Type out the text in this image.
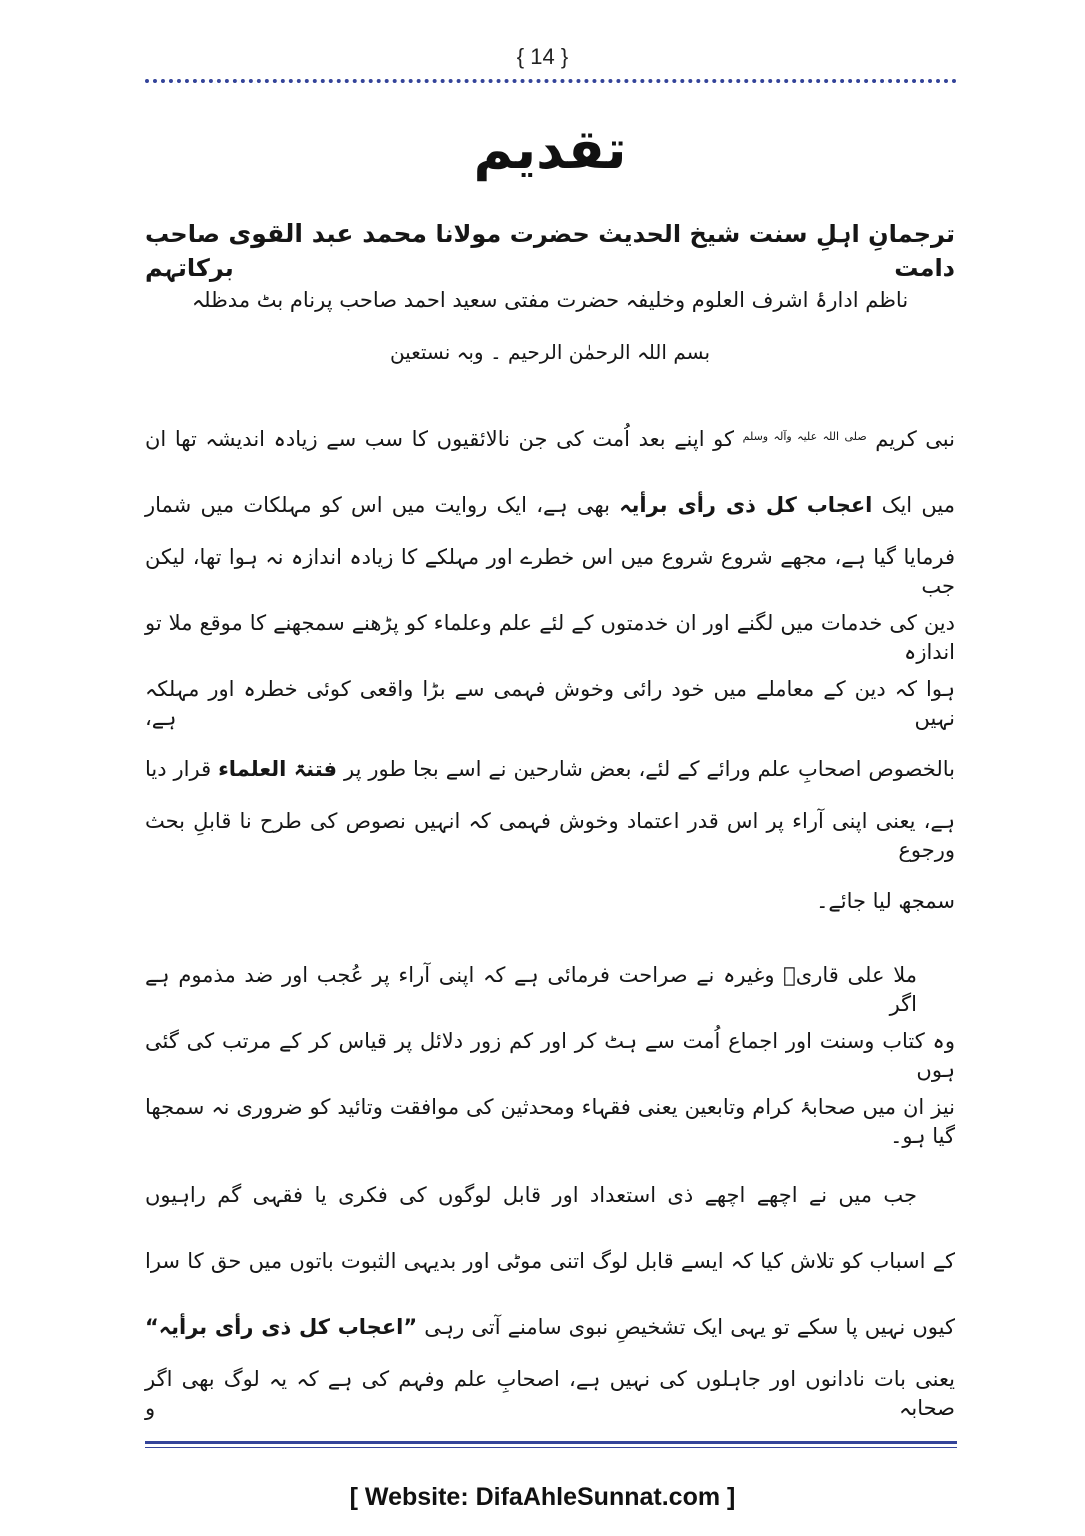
{ 14 }
تقدیم
ترجمانِ اہلِ سنت شیخ الحدیث حضرت مولانا محمد عبد القوی صاحب دامت برکاتہم
ناظم ادارۂ اشرف العلوم وخلیفہ حضرت مفتی سعید احمد صاحب پرنام بٹ مدظلہ
بسم اللہ الرحمٰن الرحیم ۔ وبہ نستعین
نبی کریم $^{صلی اللہ علیہ وآلہ وسلم}$ کو اپنے بعد اُمت کی جن نالائقیوں کا سب سے زیادہ اندیشہ تھا ان
میں ایک اعجاب کل ذی رأی برأیہ بھی ہے، ایک روایت میں اس کو مہلکات میں شمار
فرمایا گیا ہے، مجھے شروع شروع میں اس خطرے اور مہلکے کا زیادہ اندازہ نہ ہوا تھا، لیکن جب
دین کی خدمات میں لگنے اور ان خدمتوں کے لئے علم وعلماء کو پڑھنے سمجھنے کا موقع ملا تو اندازہ
ہوا کہ دین کے معاملے میں خود رائی وخوش فہمی سے بڑا واقعی کوئی خطرہ اور مہلکہ نہیں ہے،
بالخصوص اصحابِ علم ورائے کے لئے، بعض شارحین نے اسے بجا طور پر فتنۃ العلماء قرار دیا
ہے، یعنی اپنی آراء پر اس قدر اعتماد وخوش فہمی کہ انہیں نصوص کی طرح نا قابلِ بحث ورجوع
سمجھ لیا جائے۔
ملا علی قاریؒ وغیرہ نے صراحت فرمائی ہے کہ اپنی آراء پر عُجب اور ضد مذموم ہے اگر
وہ کتاب وسنت اور اجماع اُمت سے ہٹ کر اور کم زور دلائل پر قیاس کر کے مرتب کی گئی ہوں
نیز ان میں صحابۂ کرام وتابعین یعنی فقہاء ومحدثین کی موافقت وتائید کو ضروری نہ سمجھا گیا ہو۔
جب میں نے اچھے اچھے ذی استعداد اور قابل لوگوں کی فکری یا فقہی گم راہیوں
کے اسباب کو تلاش کیا کہ ایسے قابل لوگ اتنی موٹی اور بدیہی الثبوت باتوں میں حق کا سرا
کیوں نہیں پا سکے تو یہی ایک تشخیصِ نبوی سامنے آتی رہی ”اعجاب کل ذی رأی برأیہ“
یعنی بات نادانوں اور جاہلوں کی نہیں ہے، اصحابِ علم وفہم کی ہے کہ یہ لوگ بھی اگر صحابہ و
[ Website: DifaAhleSunnat.com ]
